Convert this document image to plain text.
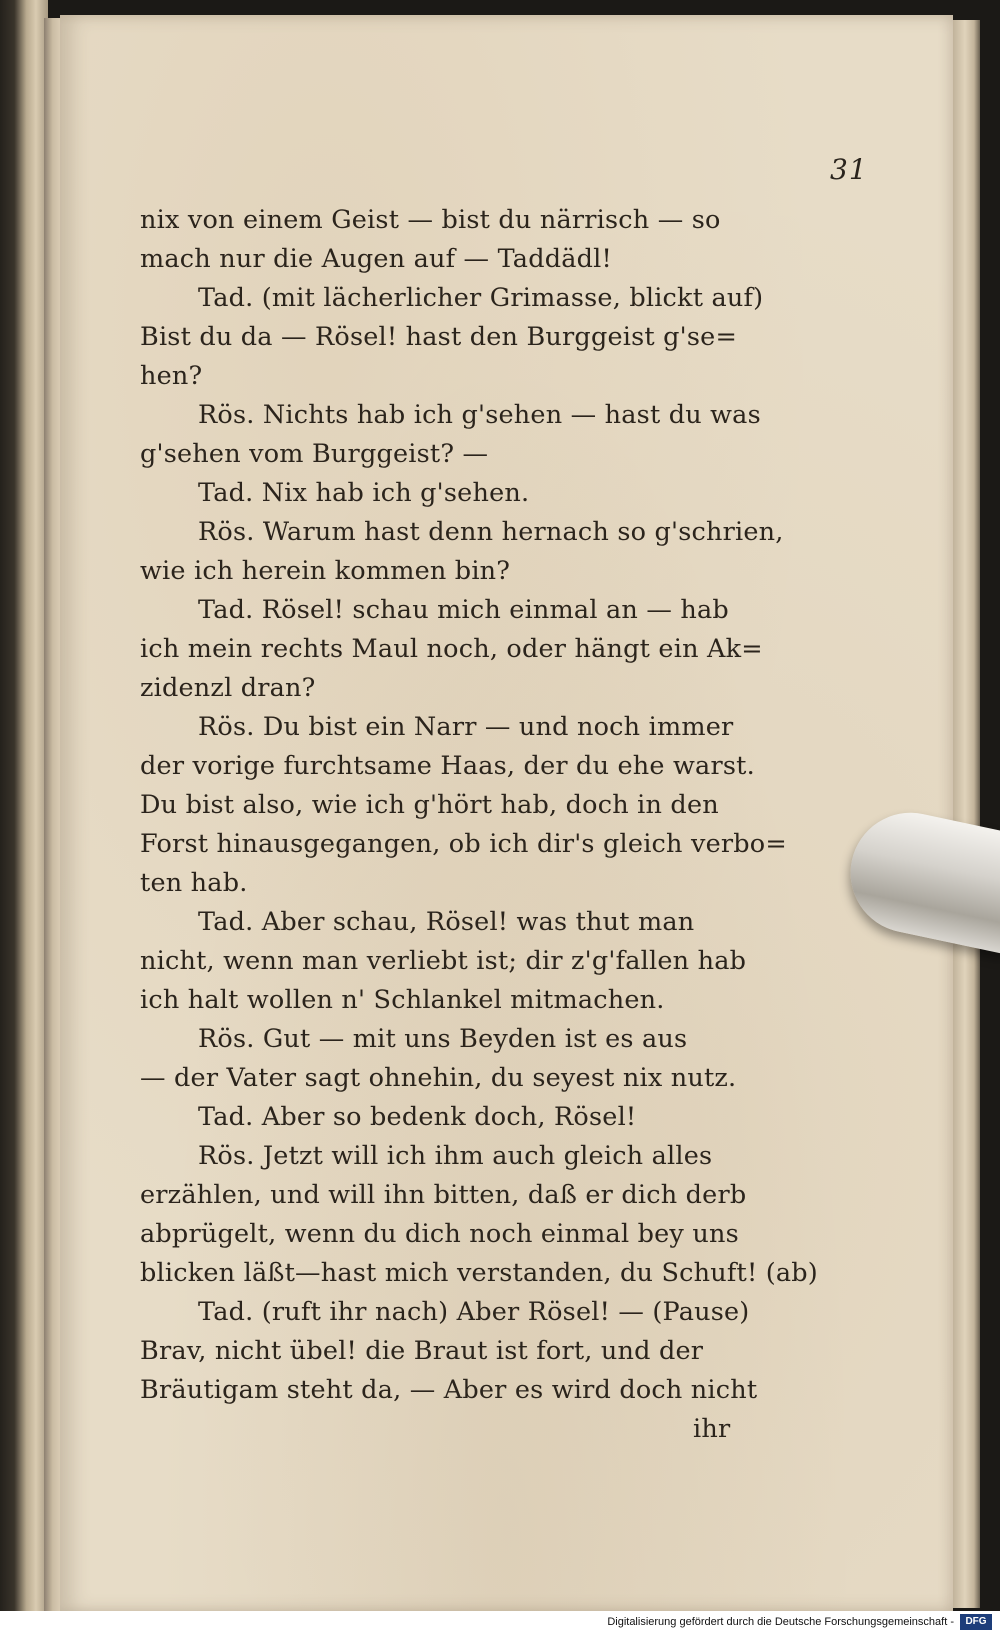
31
nix von einem Geist — bist du närrisch — so
mach nur die Augen auf — Taddädl!
Tad. (mit lächerlicher Grimasse, blickt auf)
Bist du da — Rösel! hast den Burggeist g'se=
hen?
Rös. Nichts hab ich g'sehen — hast du was
g'sehen vom Burggeist? —
Tad. Nix hab ich g'sehen.
Rös. Warum hast denn hernach so g'schrien,
wie ich herein kommen bin?
Tad. Rösel! schau mich einmal an — hab
ich mein rechts Maul noch, oder hängt ein Ak=
zidenzl dran?
Rös. Du bist ein Narr — und noch immer
der vorige furchtsame Haas, der du ehe warst.
Du bist also, wie ich g'hört hab, doch in den
Forst hinausgegangen, ob ich dir's gleich verbo=
ten hab.
Tad. Aber schau, Rösel! was thut man
nicht, wenn man verliebt ist; dir z'g'fallen hab
ich halt wollen n' Schlankel mitmachen.
Rös. Gut — mit uns Beyden ist es aus
— der Vater sagt ohnehin, du seyest nix nutz.
Tad. Aber so bedenk doch, Rösel!
Rös. Jetzt will ich ihm auch gleich alles
erzählen, und will ihn bitten, daß er dich derb
abprügelt, wenn du dich noch einmal bey uns
blicken läßt—hast mich verstanden, du Schuft! (ab)
Tad. (ruft ihr nach) Aber Rösel! — (Pause)
Brav, nicht übel! die Braut ist fort, und der
Bräutigam steht da, — Aber es wird doch nicht
ihr
Digitalisierung gefördert durch die Deutsche Forschungsgemeinschaft -	DFG
